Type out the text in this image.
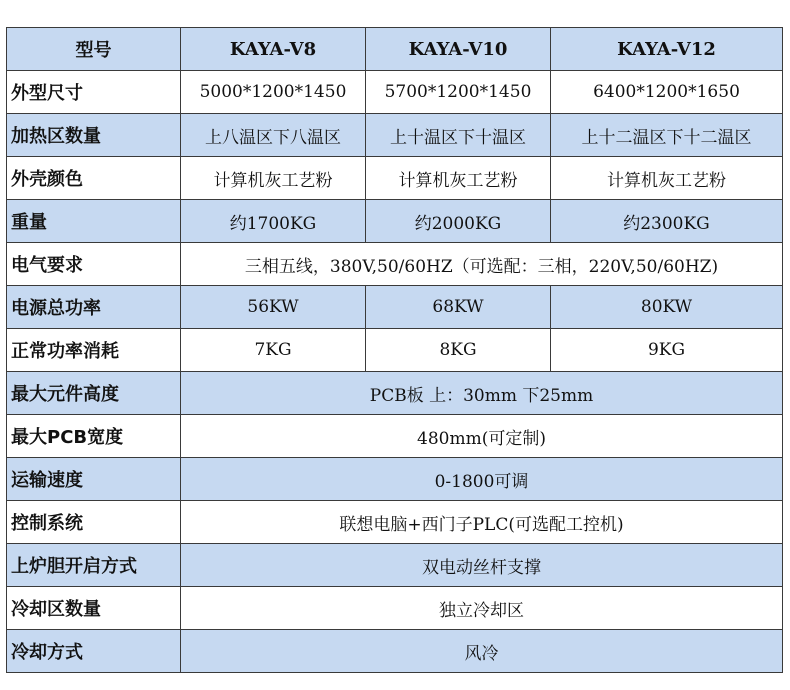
型号	KAYA-V8	KAYA-V10	KAYA-V12
外型尺寸	5000*1200*1450	5700*1200*1450	6400*1200*1650
加热区数量	上八温区下八温区	上十温区下十温区	上十二温区下十二温区
外壳颜色	计算机灰工艺粉	计算机灰工艺粉	计算机灰工艺粉
重量	约1700KG	约2000KG	约2300KG
电气要求	三相五线，380V,50/60HZ（可选配：三相，220V,50/60HZ)		
电源总功率	56KW	68KW	80KW
正常功率消耗	7KG	8KG	9KG
最大元件高度	PCB板 上：30mm 下25mm		
最大PCB宽度	480mm(可定制)		
运输速度	0-1800可调		
控制系统	联想电脑+西门子PLC(可选配工控机)		
上炉胆开启方式	双电动丝杆支撑		
冷却区数量	独立冷却区		
冷却方式	风冷		
